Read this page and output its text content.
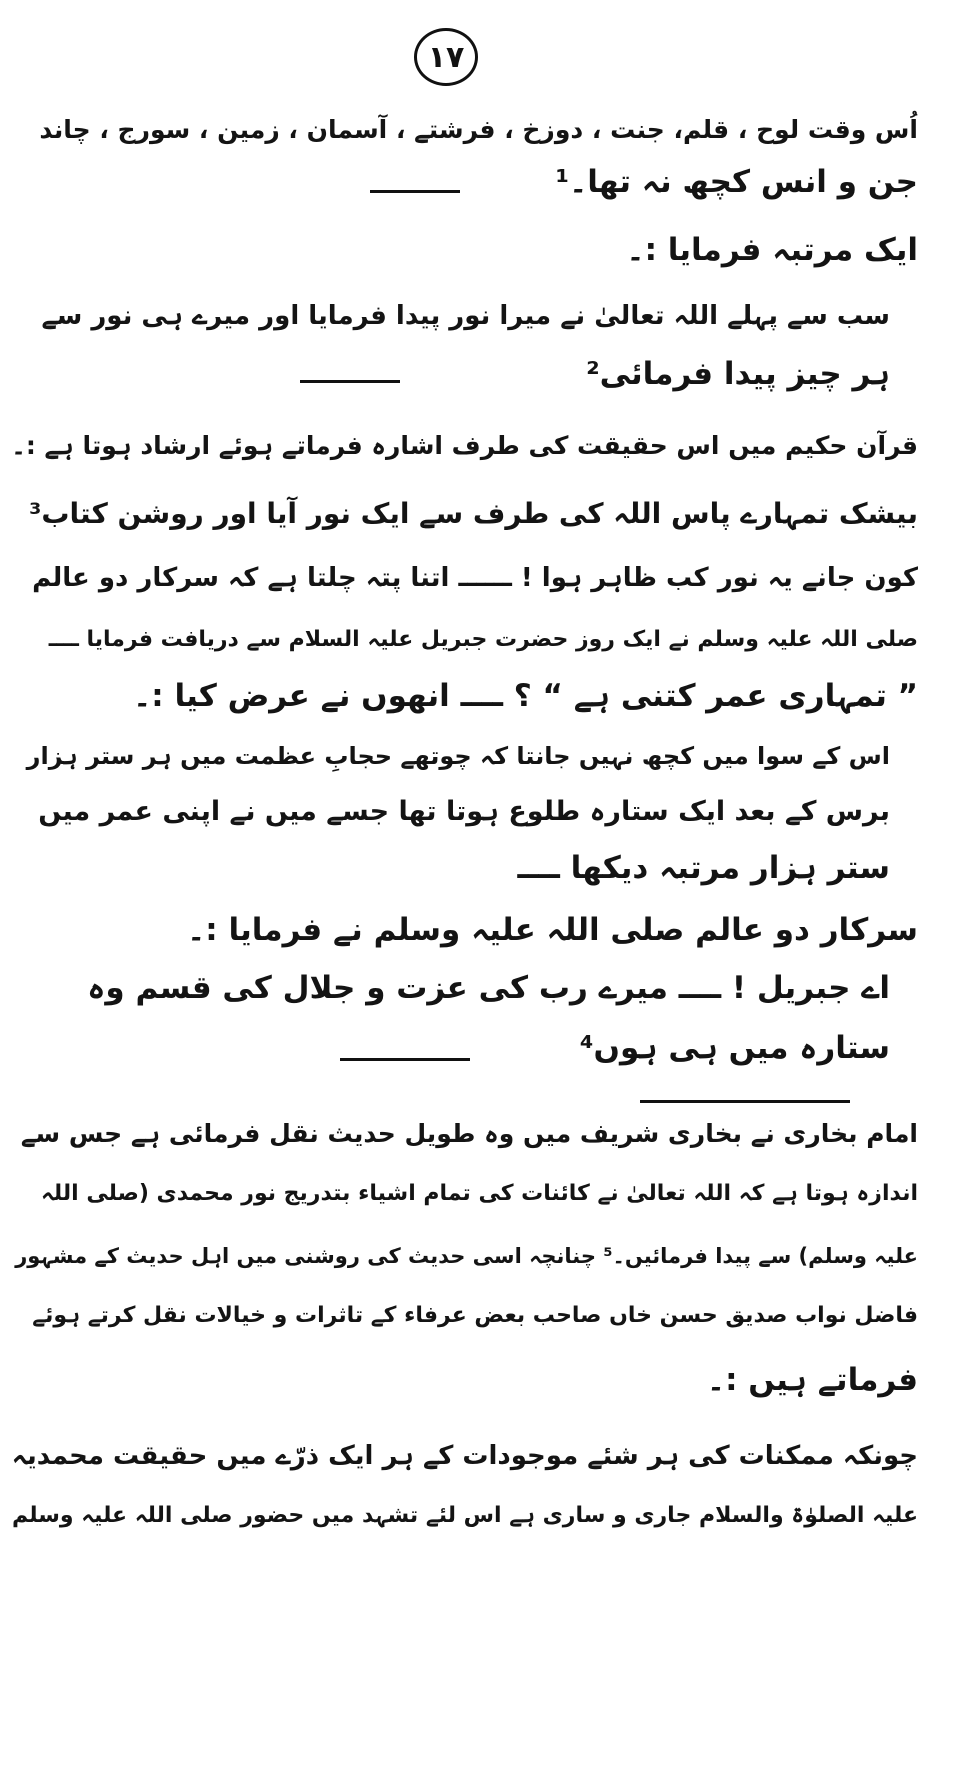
۱۷
اُس وقت لوح ، قلم، جنت ، دوزخ ، فرشتے ، آسمان ، زمین ، سورج ، چاند
جن و انس کچھ نہ تھا۔¹
ایک مرتبہ فرمایا :۔
سب سے پہلے اللہ تعالیٰ نے میرا نور پیدا فرمایا اور میرے ہی نور سے
ہر چیز پیدا فرمائی²
قرآن حکیم میں اس حقیقت کی طرف اشارہ فرماتے ہوئے ارشاد ہوتا ہے :۔
بیشک تمہارے پاس اللہ کی طرف سے ایک نور آیا اور روشن کتاب³
کون جانے یہ نور کب ظاہر ہوا ! ــــــ اتنا پتہ چلتا ہے کہ سرکار دو عالم
صلی اللہ علیہ وسلم نے ایک روز حضرت جبریل علیہ السلام سے دریافت فرمایا ــــ
” تمہاری عمر کتنی ہے “ ؟ ــــ انھوں نے عرض کیا :۔
اس کے سوا میں کچھ نہیں جانتا کہ چوتھے حجابِ عظمت میں ہر ستر ہزار
برس کے بعد ایک ستارہ طلوع ہوتا تھا جسے میں نے اپنی عمر میں
ستر ہزار مرتبہ دیکھا ــــ
سرکار دو عالم صلی اللہ علیہ وسلم نے فرمایا :۔
اے جبریل ! ــــ میرے رب کی عزت و جلال کی قسم وہ
ستارہ میں ہی ہوں⁴
امام بخاری نے بخاری شریف میں وہ طویل حدیث نقل فرمائی ہے جس سے
اندازہ ہوتا ہے کہ اللہ تعالیٰ نے کائنات کی تمام اشیاء بتدریج نور محمدی (صلی اللہ
علیہ وسلم) سے پیدا فرمائیں۔⁵ چنانچہ اسی حدیث کی روشنی میں اہل حدیث کے مشہور
فاضل نواب صدیق حسن خاں صاحب بعض عرفاء کے تاثرات و خیالات نقل کرتے ہوئے
فرماتے ہیں :۔
چونکہ ممکنات کی ہر شئے موجودات کے ہر ایک ذرّے میں حقیقت محمدیہ
علیہ الصلوٰۃ والسلام جاری و ساری ہے اس لئے تشہد میں حضور صلی اللہ علیہ وسلم
